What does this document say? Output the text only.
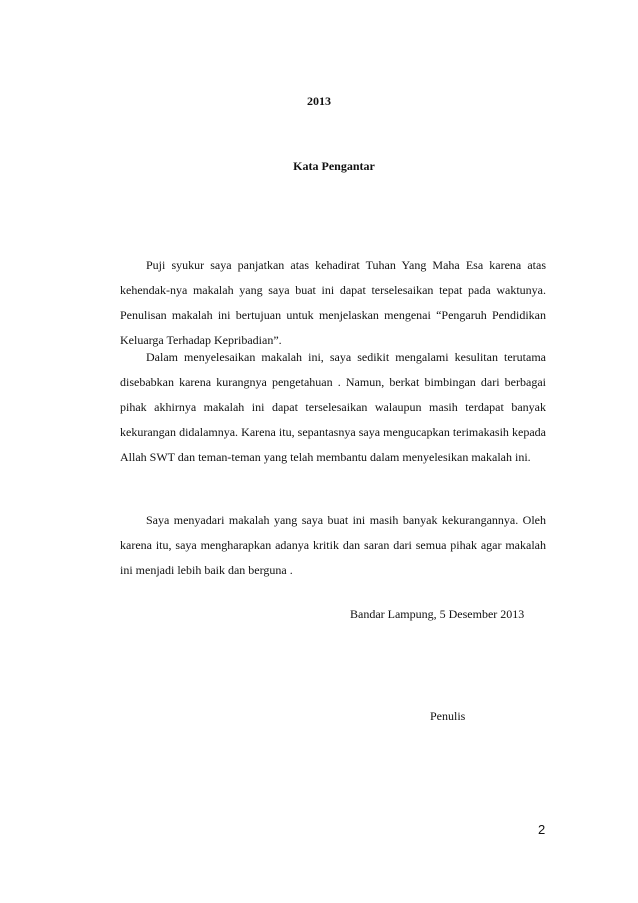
2013
Kata Pengantar
Puji syukur saya panjatkan atas kehadirat Tuhan Yang Maha Esa karena atas kehendak-nya makalah yang saya buat ini dapat terselesaikan tepat pada waktunya. Penulisan makalah ini bertujuan untuk menjelaskan mengenai “Pengaruh Pendidikan Keluarga Terhadap Kepribadian”.
Dalam menyelesaikan makalah ini, saya sedikit mengalami kesulitan terutama disebabkan karena kurangnya pengetahuan . Namun, berkat bimbingan dari berbagai pihak akhirnya makalah ini dapat terselesaikan walaupun masih terdapat banyak kekurangan didalamnya. Karena itu, sepantasnya saya mengucapkan terimakasih kepada Allah SWT dan teman-teman yang telah membantu dalam menyelesikan makalah ini.
Saya menyadari makalah yang saya buat ini masih banyak kekurangannya. Oleh karena itu, saya mengharapkan adanya kritik dan saran dari semua pihak agar makalah ini menjadi lebih baik dan berguna .
Bandar Lampung, 5 Desember 2013
Penulis
2
